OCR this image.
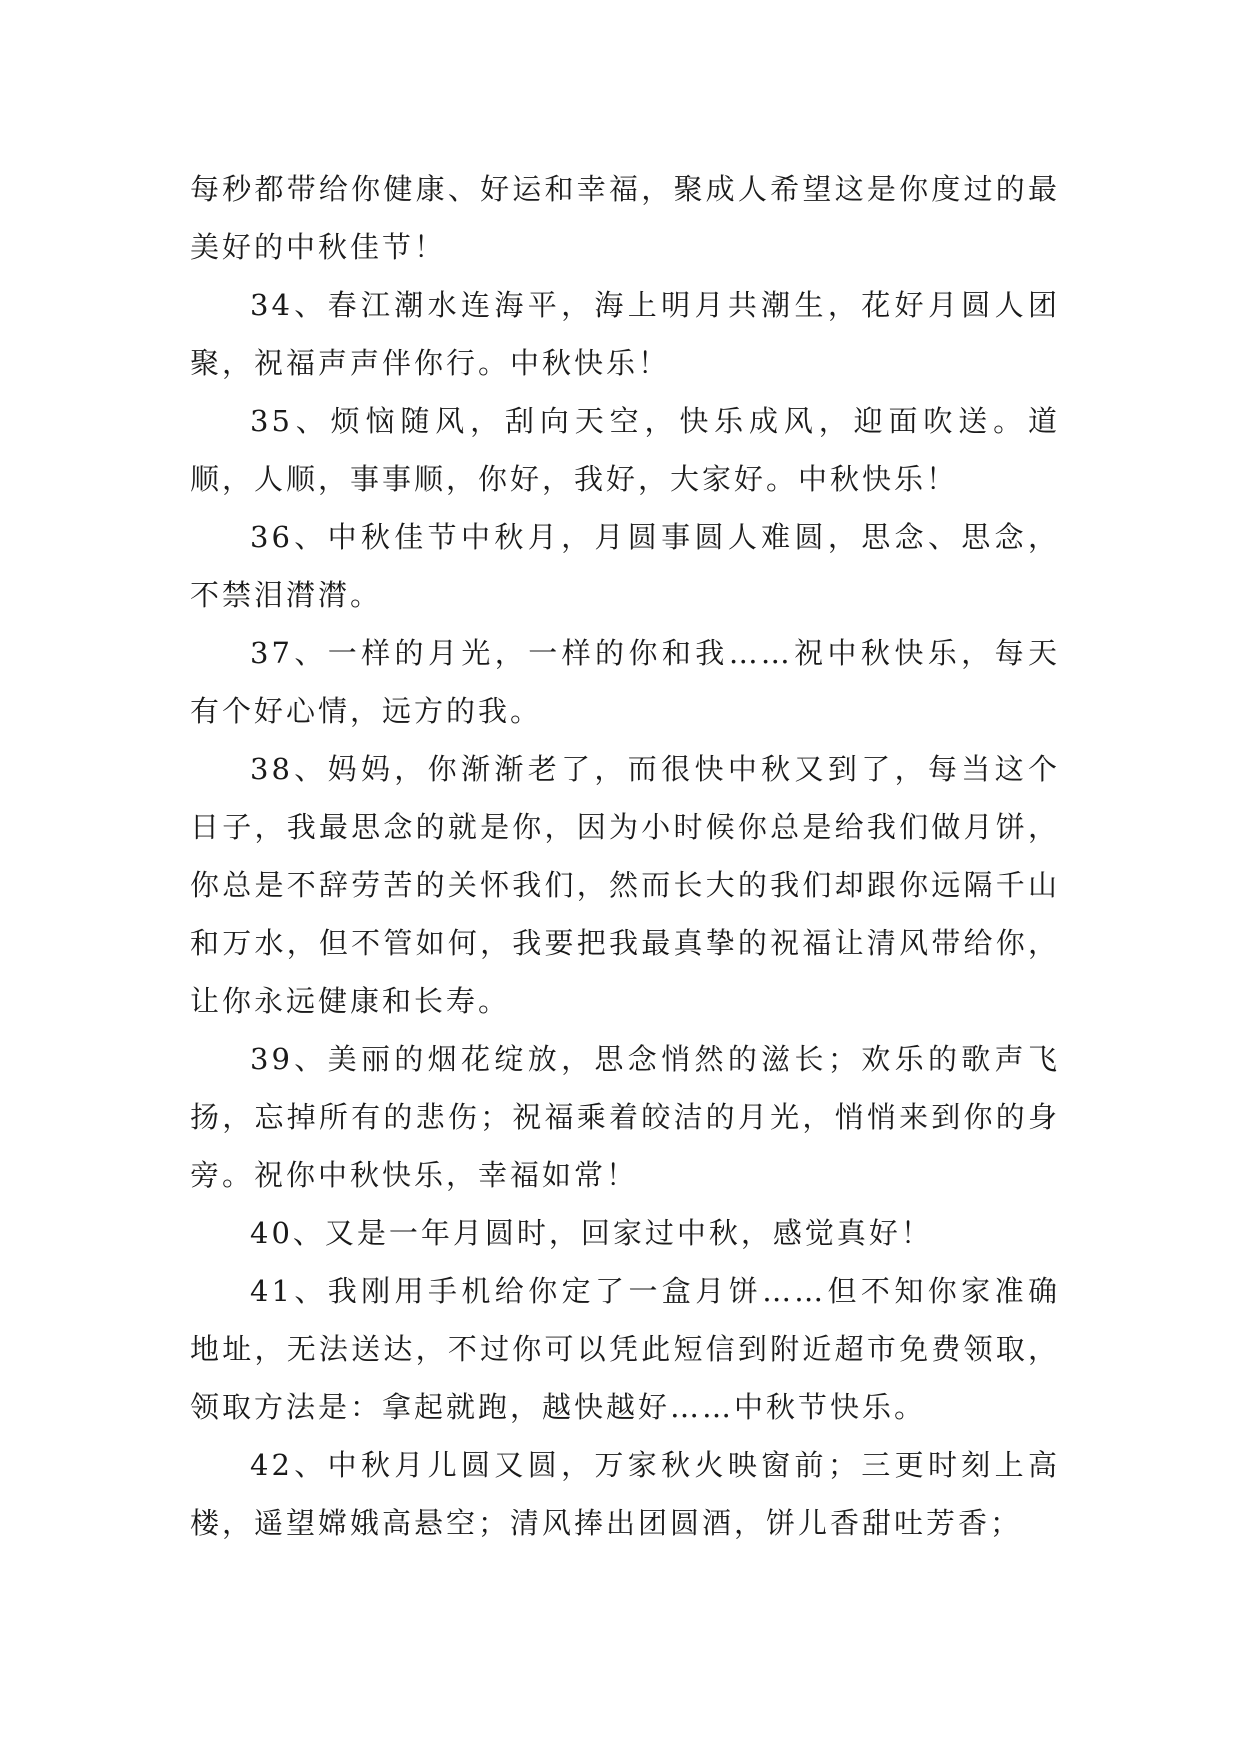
每秒都带给你健康、好运和幸福，聚成人希望这是你度过的最美好的中秋佳节！

34、春江潮水连海平，海上明月共潮生，花好月圆人团聚，祝福声声伴你行。中秋快乐！

35、烦恼随风，刮向天空，快乐成风，迎面吹送。道顺，人顺，事事顺，你好，我好，大家好。中秋快乐！

36、中秋佳节中秋月，月圆事圆人难圆，思念、思念，不禁泪潸潸。

37、一样的月光，一样的你和我……祝中秋快乐，每天有个好心情，远方的我。

38、妈妈，你渐渐老了，而很快中秋又到了，每当这个日子，我最思念的就是你，因为小时候你总是给我们做月饼，你总是不辞劳苦的关怀我们，然而长大的我们却跟你远隔千山和万水，但不管如何，我要把我最真挚的祝福让清风带给你，让你永远健康和长寿。

39、美丽的烟花绽放，思念悄然的滋长；欢乐的歌声飞扬，忘掉所有的悲伤；祝福乘着皎洁的月光，悄悄来到你的身旁。祝你中秋快乐，幸福如常！

40、又是一年月圆时，回家过中秋，感觉真好！

41、我刚用手机给你定了一盒月饼……但不知你家准确地址，无法送达，不过你可以凭此短信到附近超市免费领取，领取方法是：拿起就跑，越快越好……中秋节快乐。

42、中秋月儿圆又圆，万家秋火映窗前；三更时刻上高楼，遥望嫦娥高悬空；清风捧出团圆酒，饼儿香甜吐芳香；
